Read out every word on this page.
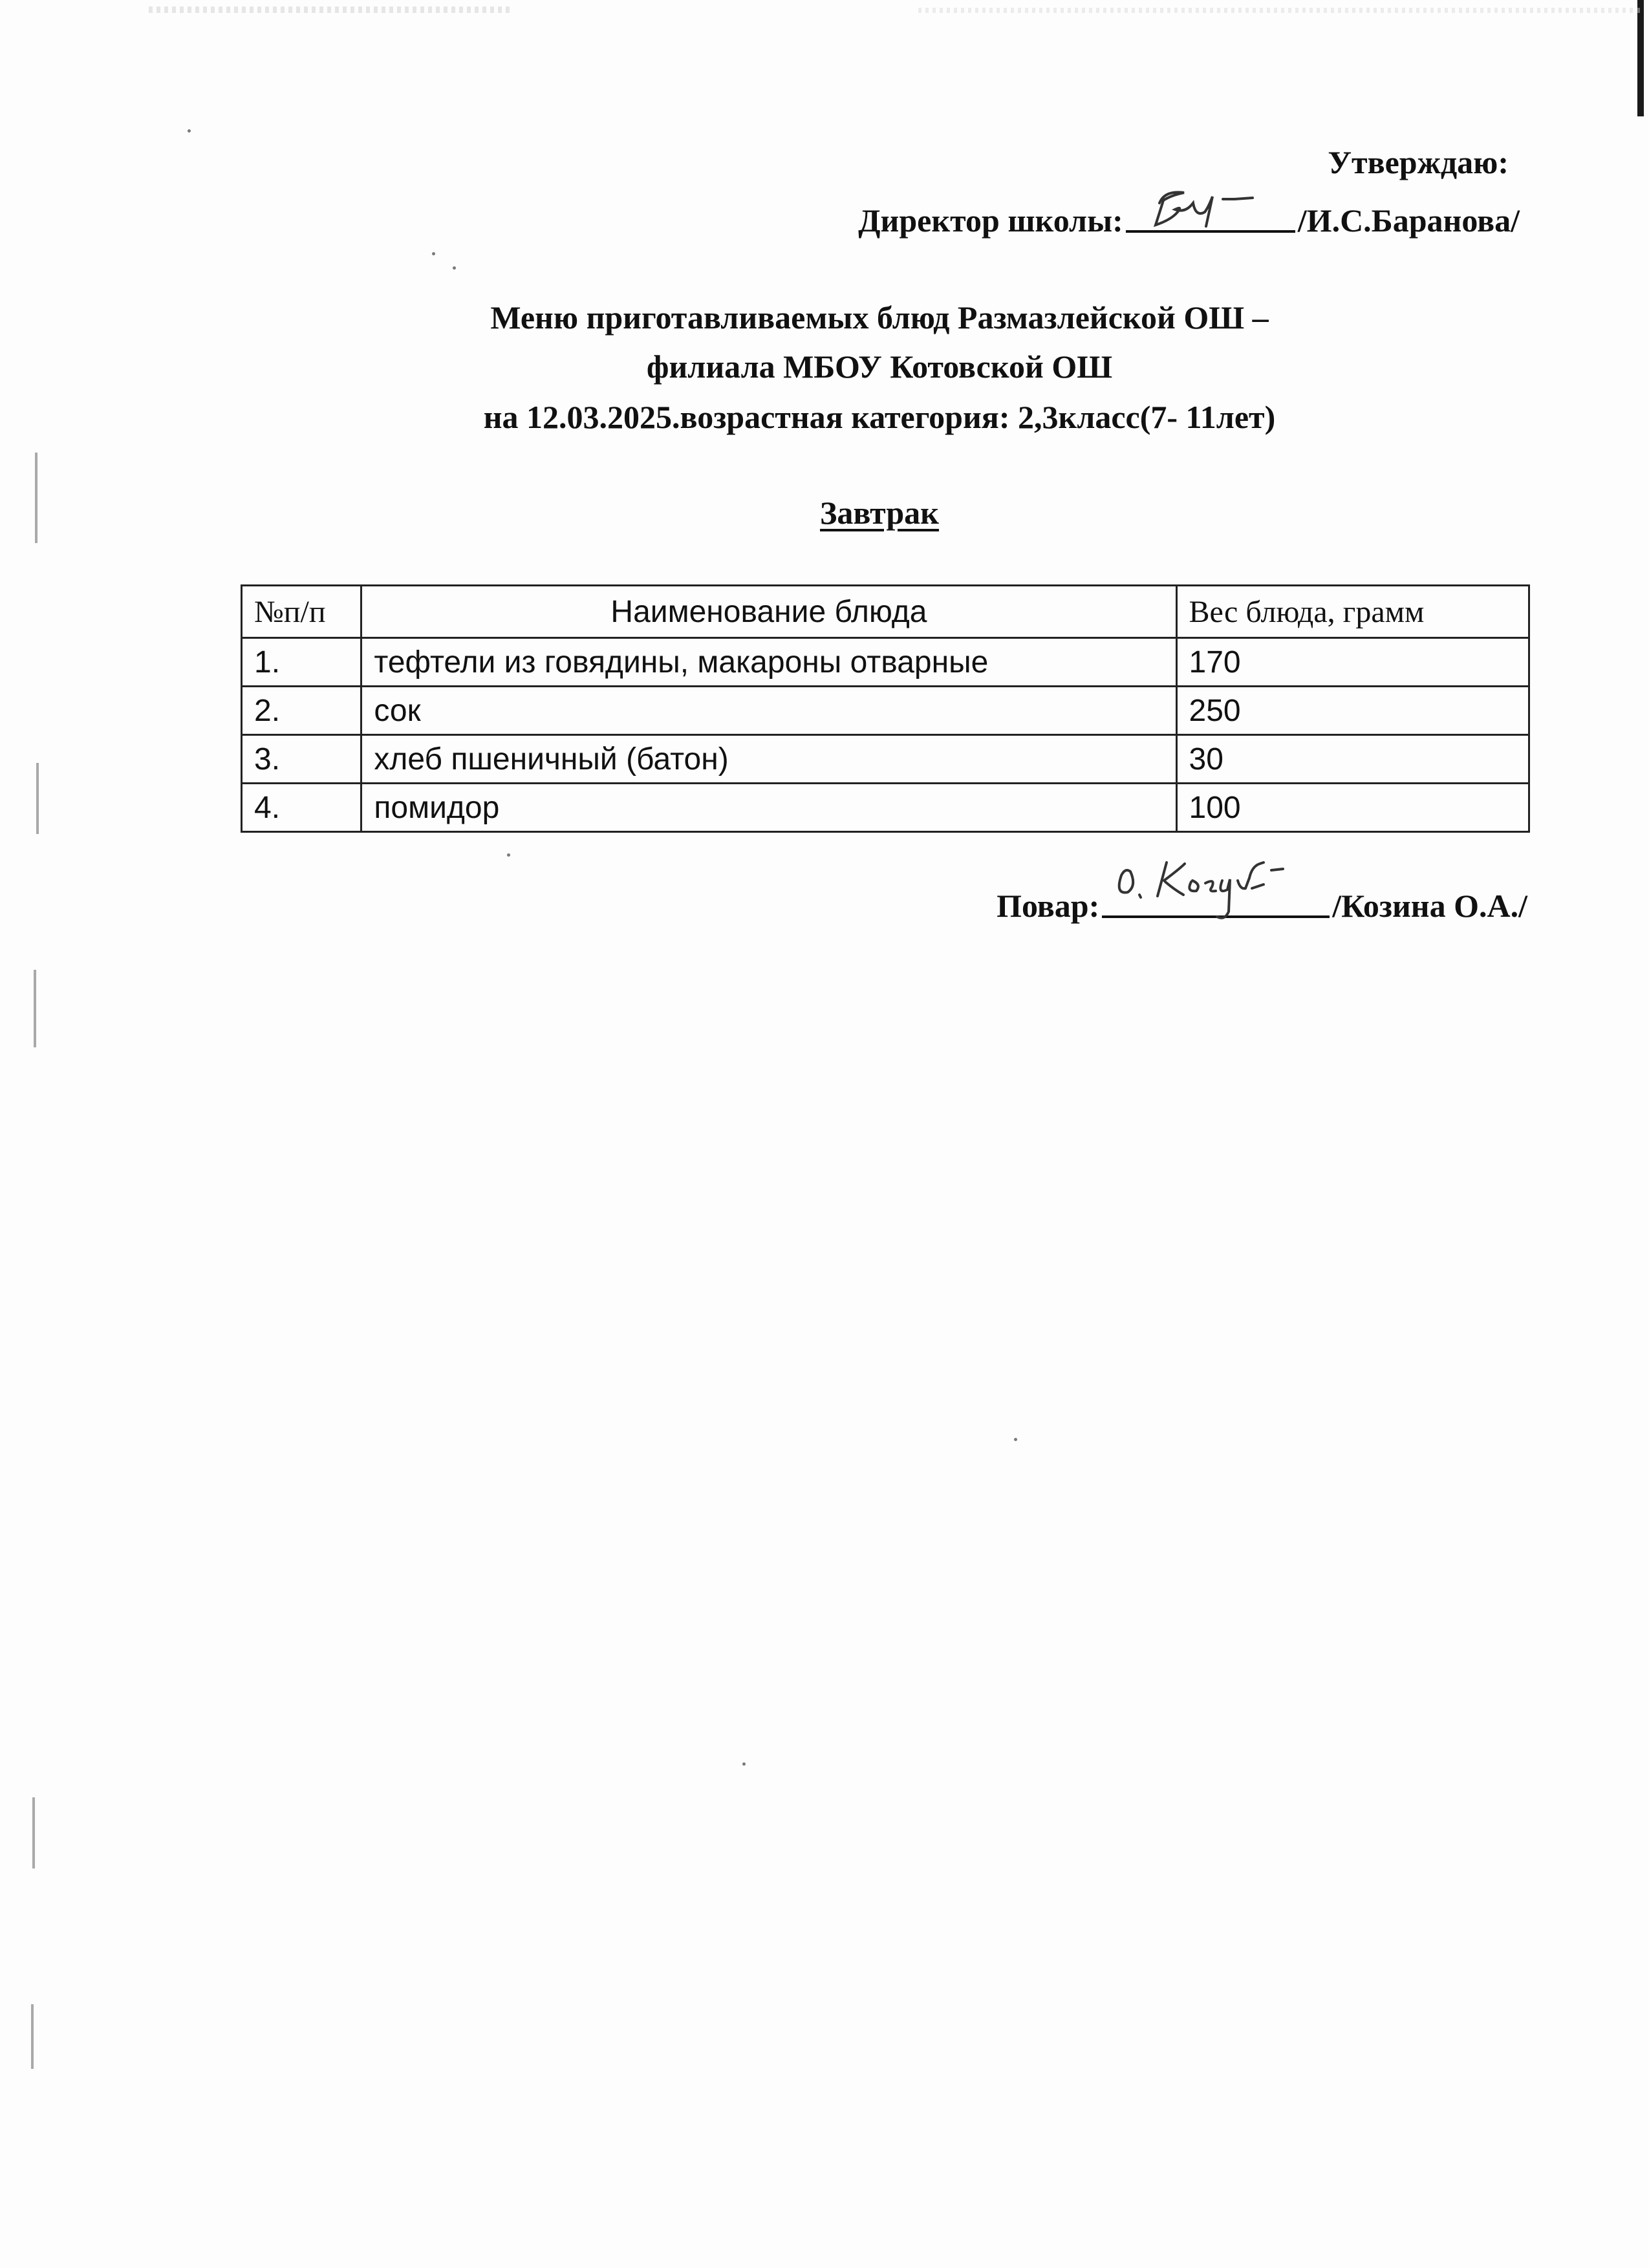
Утверждаю:
Директор школы:	/И.С.Баранова/
Меню приготавливаемых блюд Размазлейской ОШ –
филиала МБОУ Котовской ОШ
на 12.03.2025.возрастная категория: 2,3класс(7- 11лет)
Завтрак
№п/п	Наименование блюда	Вес блюда, грамм
1.	тефтели из говядины, макароны отварные	170
2.	сок	250
3.	хлеб пшеничный (батон)	30
4.	помидор	100
Повар:	/Козина О.А./
